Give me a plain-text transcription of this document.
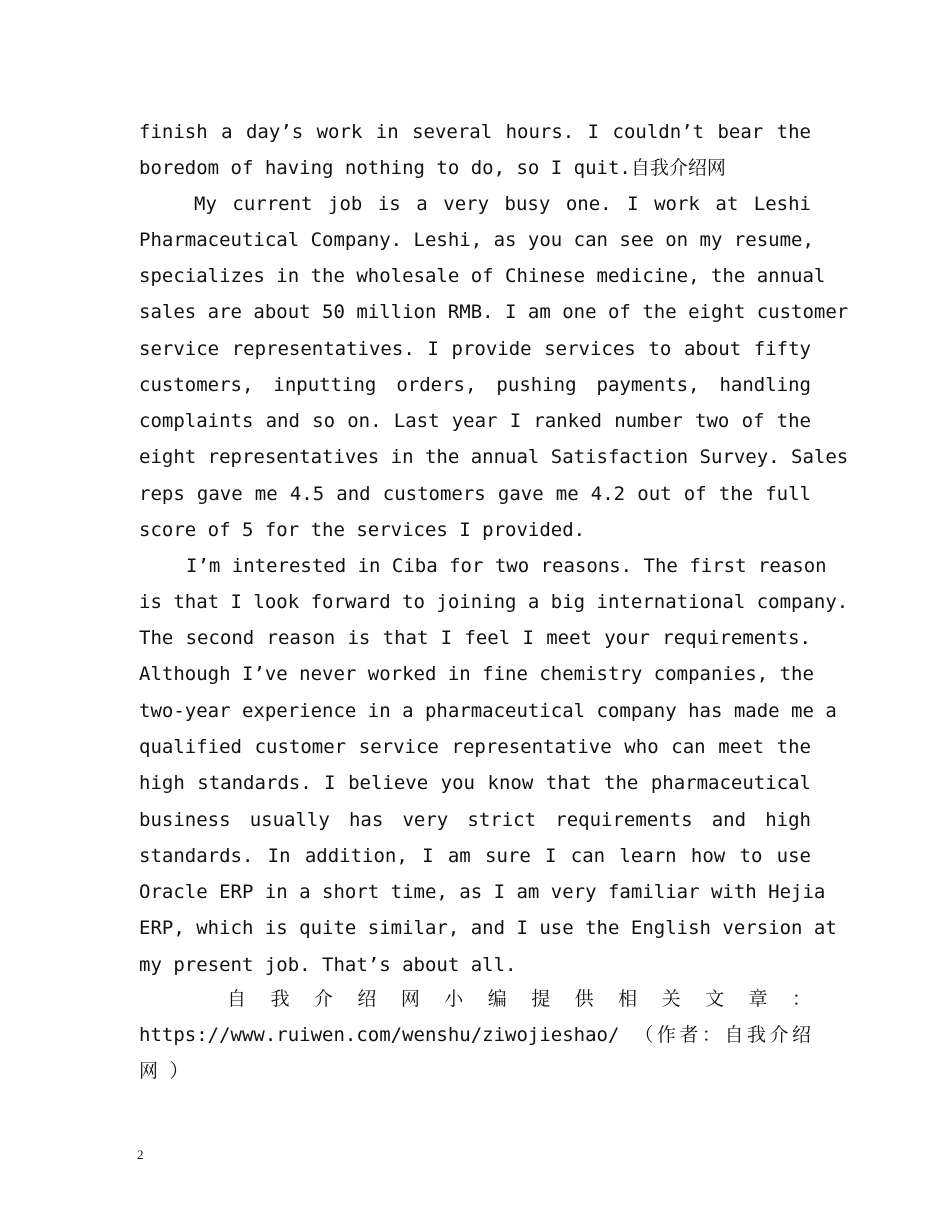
finish a day’s work in several hours. I couldn’t bear the
boredom of having nothing to do, so I quit.自我介绍网
My current job is a very busy one. I work at Leshi
Pharmaceutical Company. Leshi, as you can see on my resume,
specializes in the wholesale of Chinese medicine, the annual
sales are about 50 million RMB. I am one of the eight customer
service representatives. I provide services to about fifty
customers, inputting orders, pushing payments, handling
complaints and so on. Last year I ranked number two of the
eight representatives in the annual Satisfaction Survey. Sales
reps gave me 4.5 and customers gave me 4.2 out of the full
score of 5 for the services I provided.
I’m interested in Ciba for two reasons. The first reason
is that I look forward to joining a big international company.
The second reason is that I feel I meet your requirements.
Although I’ve never worked in fine chemistry companies, the
two-year experience in a pharmaceutical company has made me a
qualified customer service representative who can meet the
high standards. I believe you know that the pharmaceutical
business usually has very strict requirements and high
standards. In addition, I am sure I can learn how to use
Oracle ERP in a short time, as I am very familiar with Hejia
ERP, which is quite similar, and I use the English version at
my present job. That’s about all.
自 我 介 绍 网 小 编 提 供 相 关 文 章 ：
https://www.ruiwen.com/wenshu/ziwojieshao/ （作者：自我介绍
网 ）
2
